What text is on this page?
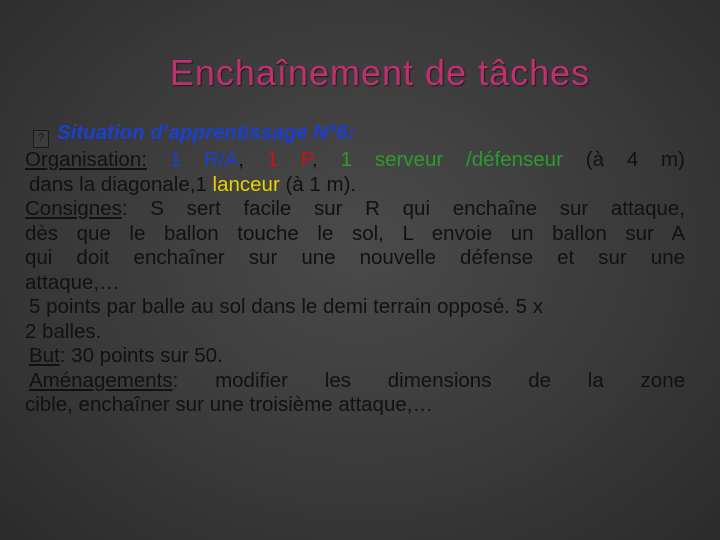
Enchaînement de tâches
? Situation d’apprentissage N°6:
Organisation: 1 R/A, 1 P, 1 serveur /défenseur (à 4 m)
dans la diagonale,1 lanceur (à 1 m).
Consignes: S sert facile sur R qui enchaîne sur attaque,
dès que le ballon touche le sol, L envoie un ballon sur A
qui doit enchaîner sur une nouvelle défense et sur une
attaque,…
5 points par balle au sol dans le demi terrain opposé. 5 x
2 balles.
But: 30 points sur 50.
Aménagements: modifier les dimensions de la zone
cible, enchaîner sur une troisième attaque,…
